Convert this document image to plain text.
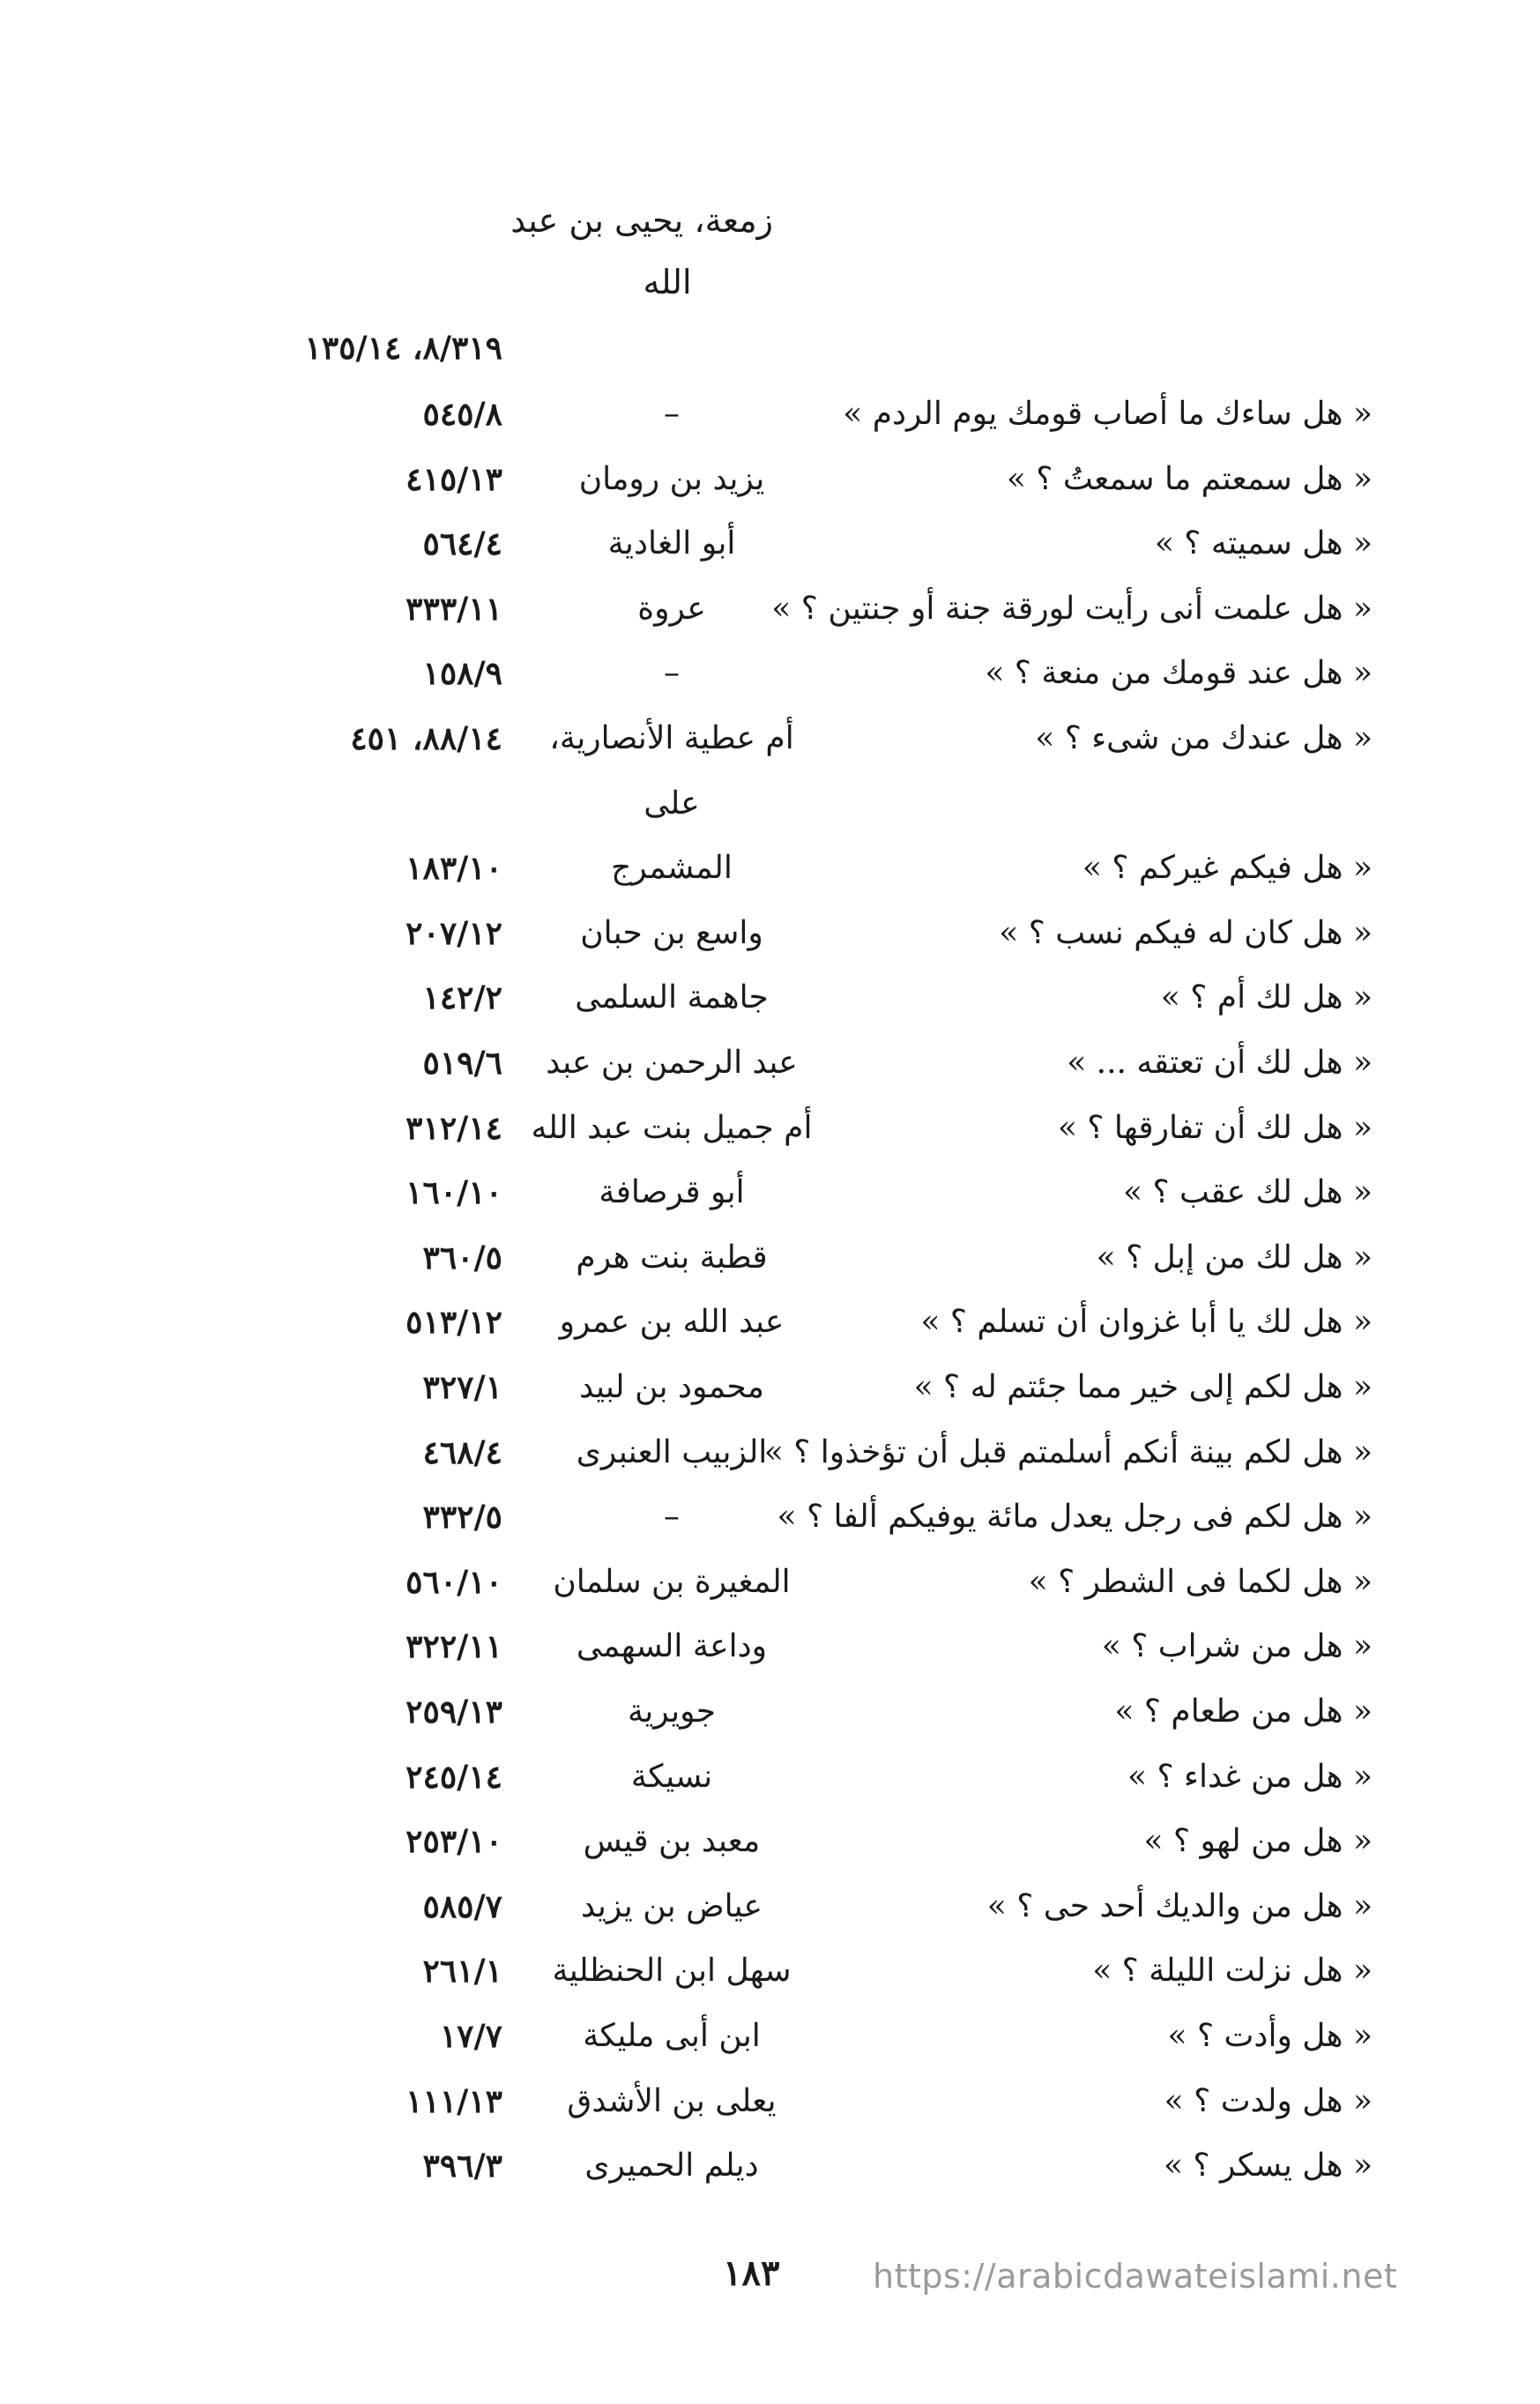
زمعة، يحيى بن عبد
الله
٨/٣١٩، ١٣٥/١٤
« هل ساءك ما أصاب قومك يوم الردم »
–
٥٤٥/٨
« هل سمعتم ما سمعتُ ؟ »
يزيد بن رومان
٤١٥/١٣
« هل سميته ؟ »
أبو الغادية
٥٦٤/٤
« هل علمت أنى رأيت لورقة جنة أو جنتين ؟ »
عروة
٣٣٣/١١
« هل عند قومك من منعة ؟ »
–
١٥٨/٩
« هل عندك من شىء ؟ »
أم عطية الأنصارية،
٨٨/١٤، ٤٥١
على
« هل فيكم غيركم ؟ »
المشمرج
١٨٣/١٠
« هل كان له فيكم نسب ؟ »
واسع بن حبان
٢٠٧/١٢
« هل لك أم ؟ »
جاهمة السلمى
١٤٢/٢
« هل لك أن تعتقه ... »
عبد الرحمن بن عبد
٥١٩/٦
« هل لك أن تفارقها ؟ »
أم جميل بنت عبد الله
٣١٢/١٤
« هل لك عقب ؟ »
أبو قرصافة
١٦٠/١٠
« هل لك من إبل ؟ »
قطبة بنت هرم
٣٦٠/٥
« هل لك يا أبا غزوان أن تسلم ؟ »
عبد الله بن عمرو
٥١٣/١٢
« هل لكم إلى خير مما جئتم له ؟ »
محمود بن لبيد
٣٢٧/١
« هل لكم بينة أنكم أسلمتم قبل أن تؤخذوا ؟ »
الزبيب العنبرى
٤٦٨/٤
« هل لكم فى رجل يعدل مائة يوفيكم ألفا ؟ »
–
٣٣٢/٥
« هل لكما فى الشطر ؟ »
المغيرة بن سلمان
٥٦٠/١٠
« هل من شراب ؟ »
وداعة السهمى
٣٢٢/١١
« هل من طعام ؟ »
جويرية
٢٥٩/١٣
« هل من غداء ؟ »
نسيكة
٢٤٥/١٤
« هل من لهو ؟ »
معبد بن قيس
٢٥٣/١٠
« هل من والديك أحد حى ؟ »
عياض بن يزيد
٥٨٥/٧
« هل نزلت الليلة ؟ »
سهل ابن الحنظلية
٢٦١/١
« هل وأدت ؟ »
ابن أبى مليكة
١٧/٧
« هل ولدت ؟ »
يعلى بن الأشدق
١١١/١٣
« هل يسكر ؟ »
ديلم الحميرى
٣٩٦/٣
١٨٣	https://arabicdawateislami.net
